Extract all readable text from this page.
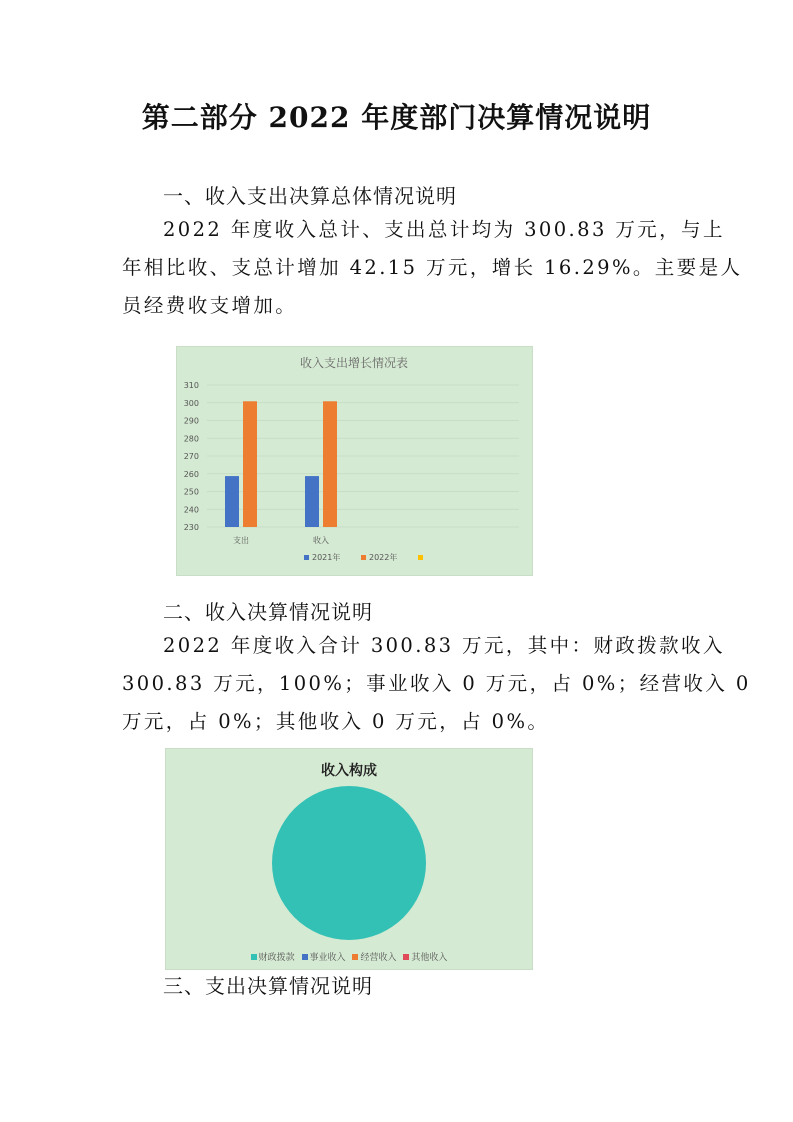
第二部分 2022 年度部门决算情况说明
一、收入支出决算总体情况说明
2022 年度收入总计、支出总计均为 300.83 万元，与上
年相比收、支总计增加 42.15 万元，增长 16.29%。主要是人
员经费收支增加。
收入支出增长情况表
230
240
250
260
270
280
290
300
310
支出	收入
2021年	2022年
二、收入决算情况说明
2022 年度收入合计 300.83 万元，其中：财政拨款收入
300.83 万元，100%；事业收入 0 万元，占 0%；经营收入 0
万元，占 0%；其他收入 0 万元，占 0%。
收入构成
财政拨款 事业收入 经营收入 其他收入
三、支出决算情况说明
